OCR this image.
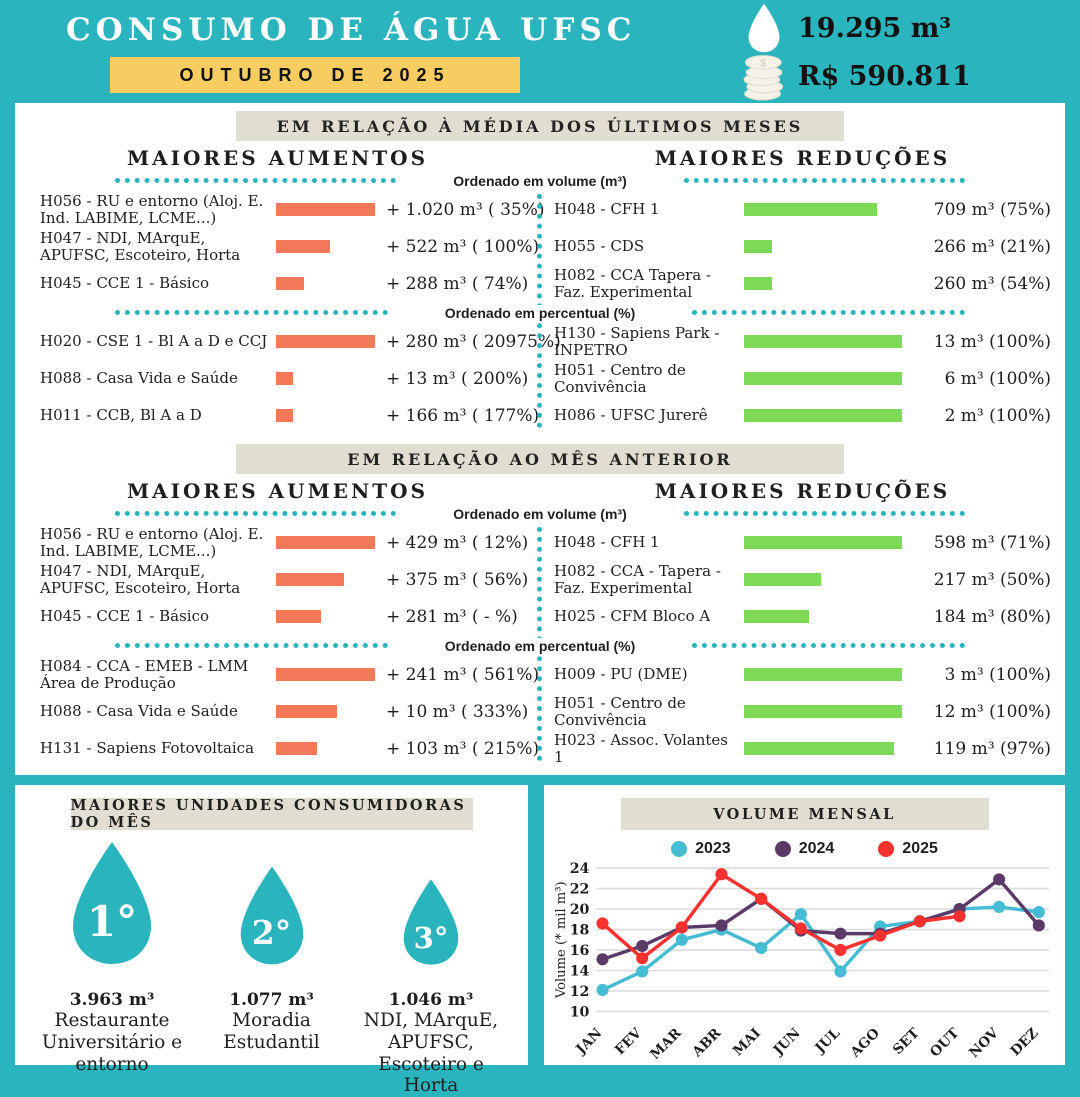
CONSUMO DE ÁGUA UFSC
OUTUBRO DE 2025
19.295 m³
$ R$ 590.811
EM RELAÇÃO À MÉDIA DOS ÚLTIMOS MESES
MAIORES AUMENTOS	MAIORES REDUÇÕES
Ordenado em volume (m³)
H056 - RU e entorno (Aloj. E. Ind. LABIME, LCME...)	+ 1.020 m³ ( 35%)
H047 - NDI, MArquE, APUFSC, Escoteiro, Horta	+ 522 m³ ( 100%)
H045 - CCE 1 - Básico	+ 288 m³ ( 74%)
H048 - CFH 1	709 m³ (75%)
H055 - CDS	266 m³ (21%)
H082 - CCA Tapera - Faz. Experimental	260 m³ (54%)
Ordenado em percentual (%)
H020 - CSE 1 - Bl A a D e CCJ	+ 280 m³ ( 20975%)
H088 - Casa Vida e Saúde	+ 13 m³ ( 200%)
H011 - CCB, Bl A a D	+ 166 m³ ( 177%)
H130 - Sapiens Park - INPETRO	13 m³ (100%)
H051 - Centro de Convivência	6 m³ (100%)
H086 - UFSC Jurerê	2 m³ (100%)
EM RELAÇÃO AO MÊS ANTERIOR
MAIORES AUMENTOS	MAIORES REDUÇÕES
Ordenado em volume (m³)
H056 - RU e entorno (Aloj. E. Ind. LABIME, LCME...)	+ 429 m³ ( 12%)
H047 - NDI, MArquE, APUFSC, Escoteiro, Horta	+ 375 m³ ( 56%)
H045 - CCE 1 - Básico	+ 281 m³ ( - %)
H048 - CFH 1	598 m³ (71%)
H082 - CCA - Tapera - Faz. Experimental	217 m³ (50%)
H025 - CFM Bloco A	184 m³ (80%)
Ordenado em percentual (%)
H084 - CCA - EMEB - LMM Área de Produção	+ 241 m³ ( 561%)
H088 - Casa Vida e Saúde	+ 10 m³ ( 333%)
H131 - Sapiens Fotovoltaica	+ 103 m³ ( 215%)
H009 - PU (DME)	3 m³ (100%)
H051 - Centro de Convivência	12 m³ (100%)
H023 - Assoc. Volantes 1	119 m³ (97%)
MAIORES UNIDADES CONSUMIDORAS DO MÊS
1°
3.963 m³
Restaurante Universitário e entorno
2°
1.077 m³
Moradia Estudantil
3°
1.046 m³
NDI, MArquE, APUFSC, Escoteiro e Horta
VOLUME MENSAL
2023	2024	2025
10
12
14
16
18
20
22
24
JAN FEV MAR ABR MAI JUN JUL AGO SET OUT NOV DEZ
Volume (* mil m³)
